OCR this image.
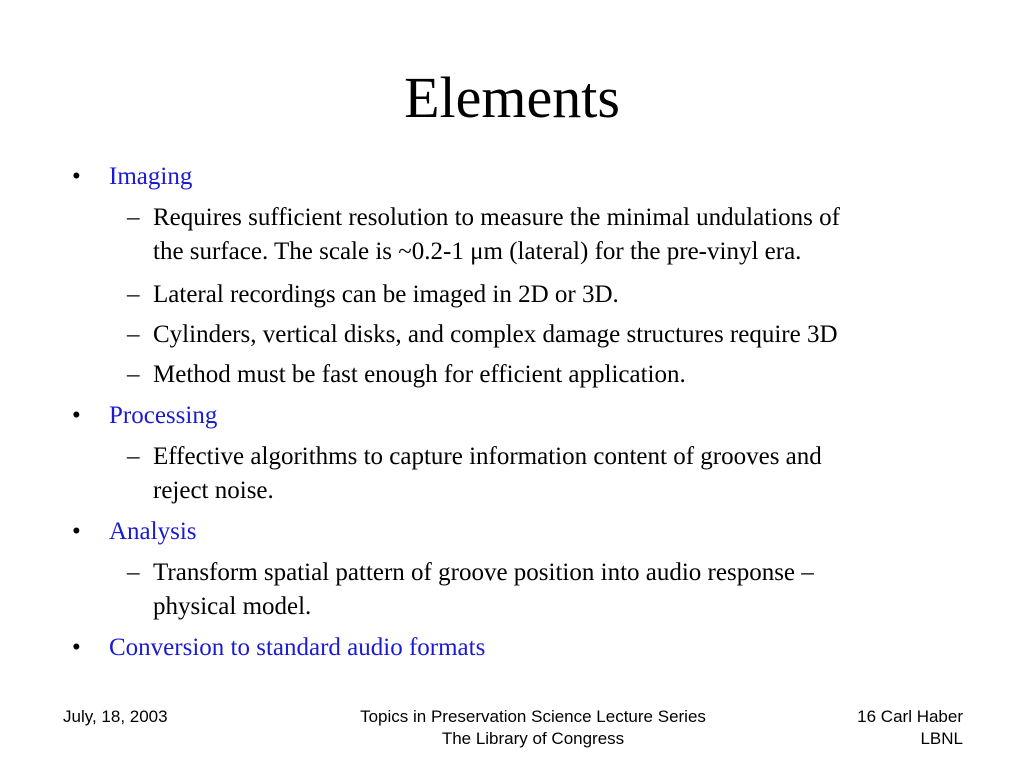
Elements
•	Imaging
– Requires sufficient resolution to measure the minimal undulations of
the surface. The scale is ~0.2-1 μm (lateral) for the pre-vinyl era.
– Lateral recordings can be imaged in 2D or 3D.
– Cylinders, vertical disks, and complex damage structures require 3D
– Method must be fast enough for efficient application.
•	Processing
– Effective algorithms to capture information content of grooves and
reject noise.
•	Analysis
– Transform spatial pattern of groove position into audio response –
physical model.
•	Conversion to standard audio formats
July, 18, 2003	Topics in Preservation Science Lecture Series
The Library of Congress
16 Carl Haber
LBNL
